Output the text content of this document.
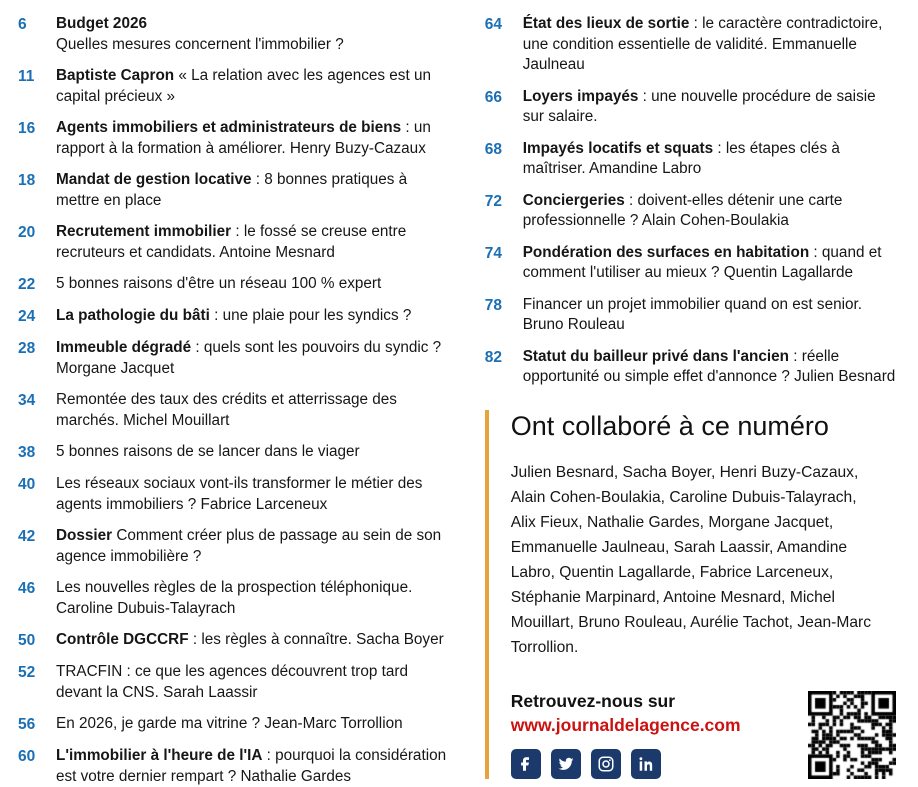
6	Budget 2026
Quelles mesures concernent l'immobilier ?
11	Baptiste Capron « La relation avec les agences est un capital précieux »
16	Agents immobiliers et administrateurs de biens : un rapport à la formation à améliorer. Henry Buzy-Cazaux
18	Mandat de gestion locative : 8 bonnes pratiques à mettre en place
20	Recrutement immobilier : le fossé se creuse entre recruteurs et candidats. Antoine Mesnard
22	5 bonnes raisons d'être un réseau 100 % expert
24	La pathologie du bâti : une plaie pour les syndics ?
28	Immeuble dégradé : quels sont les pouvoirs du syndic ? Morgane Jacquet
34	Remontée des taux des crédits et atterrissage des marchés. Michel Mouillart
38	5 bonnes raisons de se lancer dans le viager
40	Les réseaux sociaux vont-ils transformer le métier des agents immobiliers ? Fabrice Larceneux
42	Dossier Comment créer plus de passage au sein de son agence immobilière ?
46	Les nouvelles règles de la prospection téléphonique. Caroline Dubuis-Talayrach
50	Contrôle DGCCRF : les règles à connaître. Sacha Boyer
52	TRACFIN : ce que les agences découvrent trop tard devant la CNS. Sarah Laassir
56	En 2026, je garde ma vitrine ? Jean-Marc Torrollion
60	L'immobilier à l'heure de l'IA : pourquoi la considération est votre dernier rempart ? Nathalie Gardes
64	État des lieux de sortie : le caractère contradictoire, une condition essentielle de validité. Emmanuelle Jaulneau
66	Loyers impayés : une nouvelle procédure de saisie sur salaire.
68	Impayés locatifs et squats : les étapes clés à maîtriser. Amandine Labro
72	Conciergeries : doivent-elles détenir une carte professionnelle ? Alain Cohen-Boulakia
74	Pondération des surfaces en habitation : quand et comment l'utiliser au mieux ? Quentin Lagallarde
78	Financer un projet immobilier quand on est senior. Bruno Rouleau
82	Statut du bailleur privé dans l'ancien : réelle opportunité ou simple effet d'annonce ? Julien Besnard
Ont collaboré à ce numéro
Julien Besnard, Sacha Boyer, Henri Buzy-Cazaux, Alain Cohen-Boulakia, Caroline Dubuis-Talayrach, Alix Fieux, Nathalie Gardes, Morgane Jacquet, Emmanuelle Jaulneau, Sarah Laassir, Amandine Labro, Quentin Lagallarde, Fabrice Larceneux, Stéphanie Marpinard, Antoine Mesnard, Michel Mouillart, Bruno Rouleau, Aurélie Tachot, Jean-Marc Torrollion.
Retrouvez-nous sur
www.journaldelagence.com
